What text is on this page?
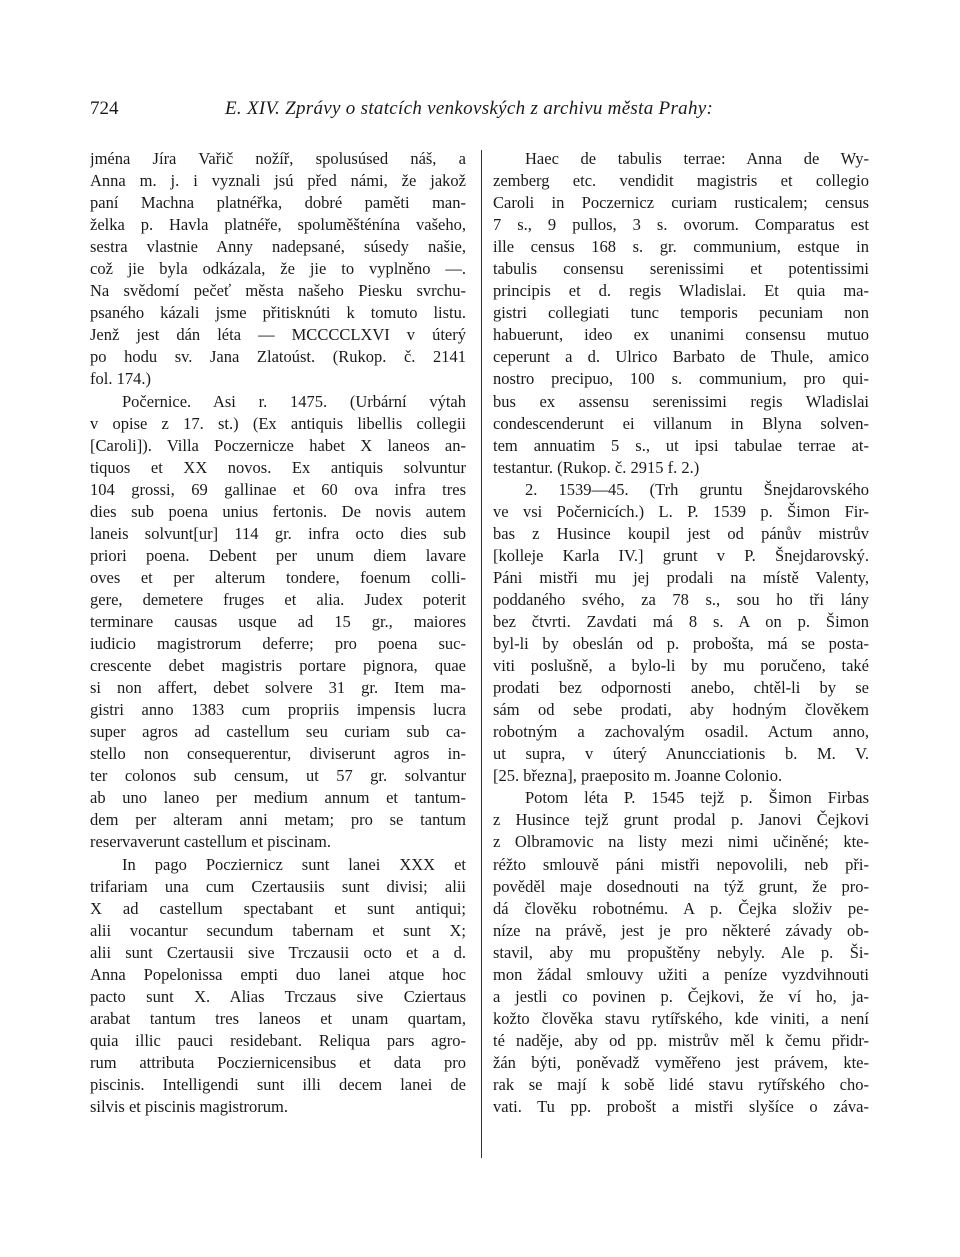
724	E. XIV. Zprávy o statcích venkovských z archivu města Prahy:
jména Jíra Vařič nožíř, spolusúsed náš, a
Anna m. j. i vyznali jsú před námi, že jakož
paní Machna platnéřka, dobré paměti man-
želka p. Havla platnéře, spoluměšténína vašeho,
sestra vlastnie Anny nadepsané, súsedy našie,
což jie byla odkázala, že jie to vyplněno —.
Na svědomí pečeť města našeho Piesku svrchu-
psaného kázali jsme přitisknúti k tomuto listu.
Jenž jest dán léta — MCCCCLXVI v úterý
po hodu sv. Jana Zlatoúst. (Rukop. č. 2141
fol. 174.)
Počernice. Asi r. 1475. (Urbární výtah
v opise z 17. st.) (Ex antiquis libellis collegii
[Caroli]). Villa Poczernicze habet X laneos an-
tiquos et XX novos. Ex antiquis solvuntur
104 grossi, 69 gallinae et 60 ova infra tres
dies sub poena unius fertonis. De novis autem
laneis solvunt[ur] 114 gr. infra octo dies sub
priori poena. Debent per unum diem lavare
oves et per alterum tondere, foenum colli-
gere, demetere fruges et alia. Judex poterit
terminare causas usque ad 15 gr., maiores
iudicio magistrorum deferre; pro poena suc-
crescente debet magistris portare pignora, quae
si non affert, debet solvere 31 gr. Item ma-
gistri anno 1383 cum propriis impensis lucra
super agros ad castellum seu curiam sub ca-
stello non consequerentur, diviserunt agros in-
ter colonos sub censum, ut 57 gr. solvantur
ab uno laneo per medium annum et tantum-
dem per alteram anni metam; pro se tantum
reservaverunt castellum et piscinam.
In pago Pocziernicz sunt lanei XXX et
trifariam una cum Czertausiis sunt divisi; alii
X ad castellum spectabant et sunt antiqui;
alii vocantur secundum tabernam et sunt X;
alii sunt Czertausii sive Trczausii octo et a d.
Anna Popelonissa empti duo lanei atque hoc
pacto sunt X. Alias Trczaus sive Cziertaus
arabat tantum tres laneos et unam quartam,
quia illic pauci residebant. Reliqua pars agro-
rum attributa Pocziernicensibus et data pro
piscinis. Intelligendi sunt illi decem lanei de
silvis et piscinis magistrorum.
Haec de tabulis terrae: Anna de Wy-
zemberg etc. vendidit magistris et collegio
Caroli in Poczernicz curiam rusticalem; census
7 s., 9 pullos, 3 s. ovorum. Comparatus est
ille census 168 s. gr. communium, estque in
tabulis consensu serenissimi et potentissimi
principis et d. regis Wladislai. Et quia ma-
gistri collegiati tunc temporis pecuniam non
habuerunt, ideo ex unanimi consensu mutuo
ceperunt a d. Ulrico Barbato de Thule, amico
nostro precipuo, 100 s. communium, pro qui-
bus ex assensu serenissimi regis Wladislai
condescenderunt ei villanum in Blyna solven-
tem annuatim 5 s., ut ipsi tabulae terrae at-
testantur. (Rukop. č. 2915 f. 2.)
2. 1539—45. (Trh gruntu Šnejdarovského
ve vsi Počernicích.) L. P. 1539 p. Šimon Fir-
bas z Husince koupil jest od pánův mistrův
[kolleje Karla IV.] grunt v P. Šnejdarovský.
Páni mistři mu jej prodali na místě Valenty,
poddaného svého, za 78 s., sou ho tři lány
bez čtvrti. Zavdati má 8 s. A on p. Šimon
byl-li by obeslán od p. probošta, má se posta-
viti poslušně, a bylo-li by mu poručeno, také
prodati bez odpornosti anebo, chtěl-li by se
sám od sebe prodati, aby hodným člověkem
robotným a zachovalým osadil. Actum anno,
ut supra, v úterý Anuncciationis b. M. V.
[25. března], praeposito m. Joanne Colonio.
Potom léta P. 1545 tejž p. Šimon Firbas
z Husince tejž grunt prodal p. Janovi Čejkovi
z Olbramovic na listy mezi nimi učiněné; kte-
réžto smlouvě páni mistři nepovolili, neb při-
pověděl maje dosednouti na týž grunt, že pro-
dá člověku robotnému. A p. Čejka složiv pe-
níze na právě, jest je pro některé závady ob-
stavil, aby mu propuštěny nebyly. Ale p. Ši-
mon žádal smlouvy užiti a peníze vyzdvihnouti
a jestli co povinen p. Čejkovi, že ví ho, ja-
kožto člověka stavu rytířského, kde viniti, a není
té naděje, aby od pp. mistrův měl k čemu přidr-
žán býti, poněvadž vyměřeno jest právem, kte-
rak se mají k sobě lidé stavu rytířského cho-
vati. Tu pp. probošt a mistři slyšíce o záva-
